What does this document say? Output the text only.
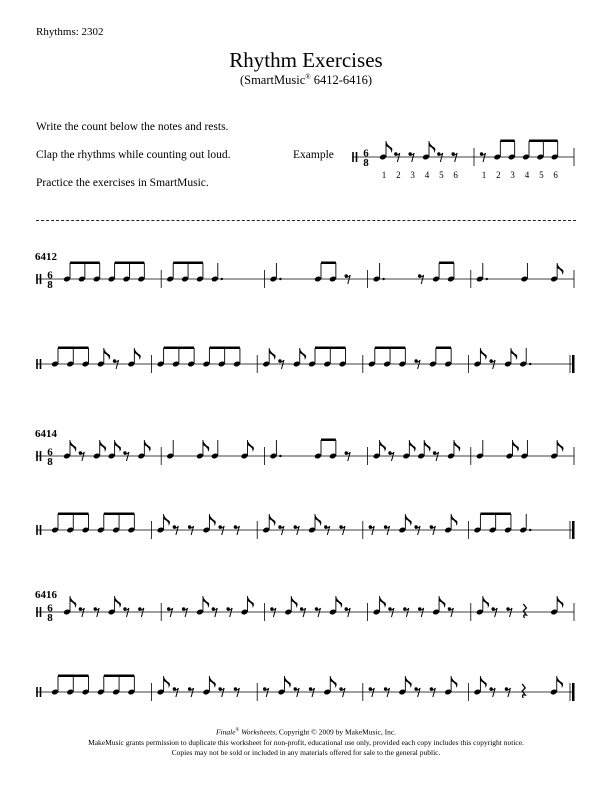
Rhythms: 2302
Rhythm Exercises
(SmartMusic® 6412-6416)
Write the count below the notes and rests.
Clap the rhythms while counting out loud.
Practice the exercises in SmartMusic.
Example
6412
6414
6416
6
8
1 2 3 4 5 6	1 2 3 4 5 6
6
8
6
8
6
8
Finale® Worksheets, Copyright © 2009 by MakeMusic, Inc.
MakeMusic grants permission to duplicate this worksheet for non-profit, educational use only, provided each copy includes this copyright notice.
Copies may not be sold or included in any materials offered for sale to the general public.
